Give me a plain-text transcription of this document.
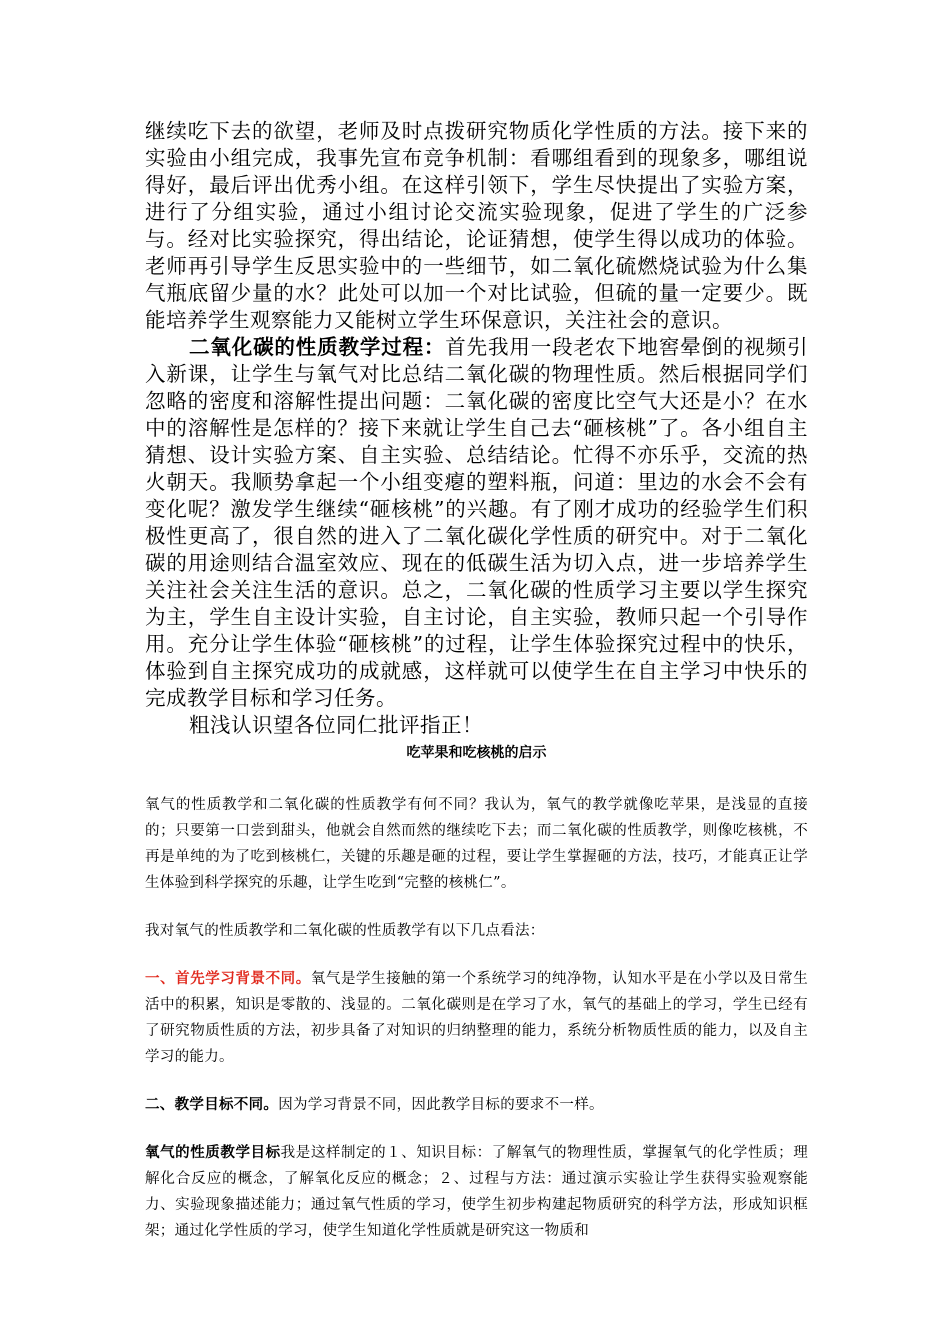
继续吃下去的欲望，老师及时点拨研究物质化学性质的方法。接下来的实验由小组完成，我事先宣布竞争机制：看哪组看到的现象多，哪组说得好，最后评出优秀小组。在这样引领下，学生尽快提出了实验方案，进行了分组实验，通过小组讨论交流实验现象，促进了学生的广泛参与。经对比实验探究，得出结论，论证猜想，使学生得以成功的体验。老师再引导学生反思实验中的一些细节，如二氧化硫燃烧试验为什么集气瓶底留少量的水？此处可以加一个对比试验，但硫的量一定要少。既能培养学生观察能力又能树立学生环保意识，关注社会的意识。

二氧化碳的性质教学过程：首先我用一段老农下地窖晕倒的视频引入新课，让学生与氧气对比总结二氧化碳的物理性质。然后根据同学们忽略的密度和溶解性提出问题：二氧化碳的密度比空气大还是小？在水中的溶解性是怎样的？接下来就让学生自己去“砸核桃”了。各小组自主猜想、设计实验方案、自主实验、总结结论。忙得不亦乐乎，交流的热火朝天。我顺势拿起一个小组变瘪的塑料瓶，问道：里边的水会不会有变化呢？激发学生继续“砸核桃”的兴趣。有了刚才成功的经验学生们积极性更高了，很自然的进入了二氧化碳化学性质的研究中。对于二氧化碳的用途则结合温室效应、现在的低碳生活为切入点，进一步培养学生关注社会关注生活的意识。总之，二氧化碳的性质学习主要以学生探究为主，学生自主设计实验，自主讨论，自主实验，教师只起一个引导作用。充分让学生体验“砸核桃”的过程，让学生体验探究过程中的快乐，体验到自主探究成功的成就感，这样就可以使学生在自主学习中快乐的完成教学目标和学习任务。

粗浅认识望各位同仁批评指正！

吃苹果和吃核桃的启示

氧气的性质教学和二氧化碳的性质教学有何不同？我认为，氧气的教学就像吃苹果，是浅显的直接的；只要第一口尝到甜头，他就会自然而然的继续吃下去；而二氧化碳的性质教学，则像吃核桃，不再是单纯的为了吃到核桃仁，关键的乐趣是砸的过程，要让学生掌握砸的方法，技巧，才能真正让学生体验到科学探究的乐趣，让学生吃到“完整的核桃仁”。

我对氧气的性质教学和二氧化碳的性质教学有以下几点看法：

一、首先学习背景不同。氧气是学生接触的第一个系统学习的纯净物，认知水平是在小学以及日常生活中的积累，知识是零散的、浅显的。二氧化碳则是在学习了水，氧气的基础上的学习，学生已经有了研究物质性质的方法，初步具备了对知识的归纳整理的能力，系统分析物质性质的能力，以及自主学习的能力。

二、教学目标不同。因为学习背景不同，因此教学目标的要求不一样。

氧气的性质教学目标我是这样制定的１、知识目标：了解氧气的物理性质，掌握氧气的化学性质；理解化合反应的概念，了解氧化反应的概念；２、过程与方法：通过演示实验让学生获得实验观察能力、实验现象描述能力；通过氧气性质的学习，使学生初步构建起物质研究的科学方法，形成知识框架；通过化学性质的学习，使学生知道化学性质就是研究这一物质和
